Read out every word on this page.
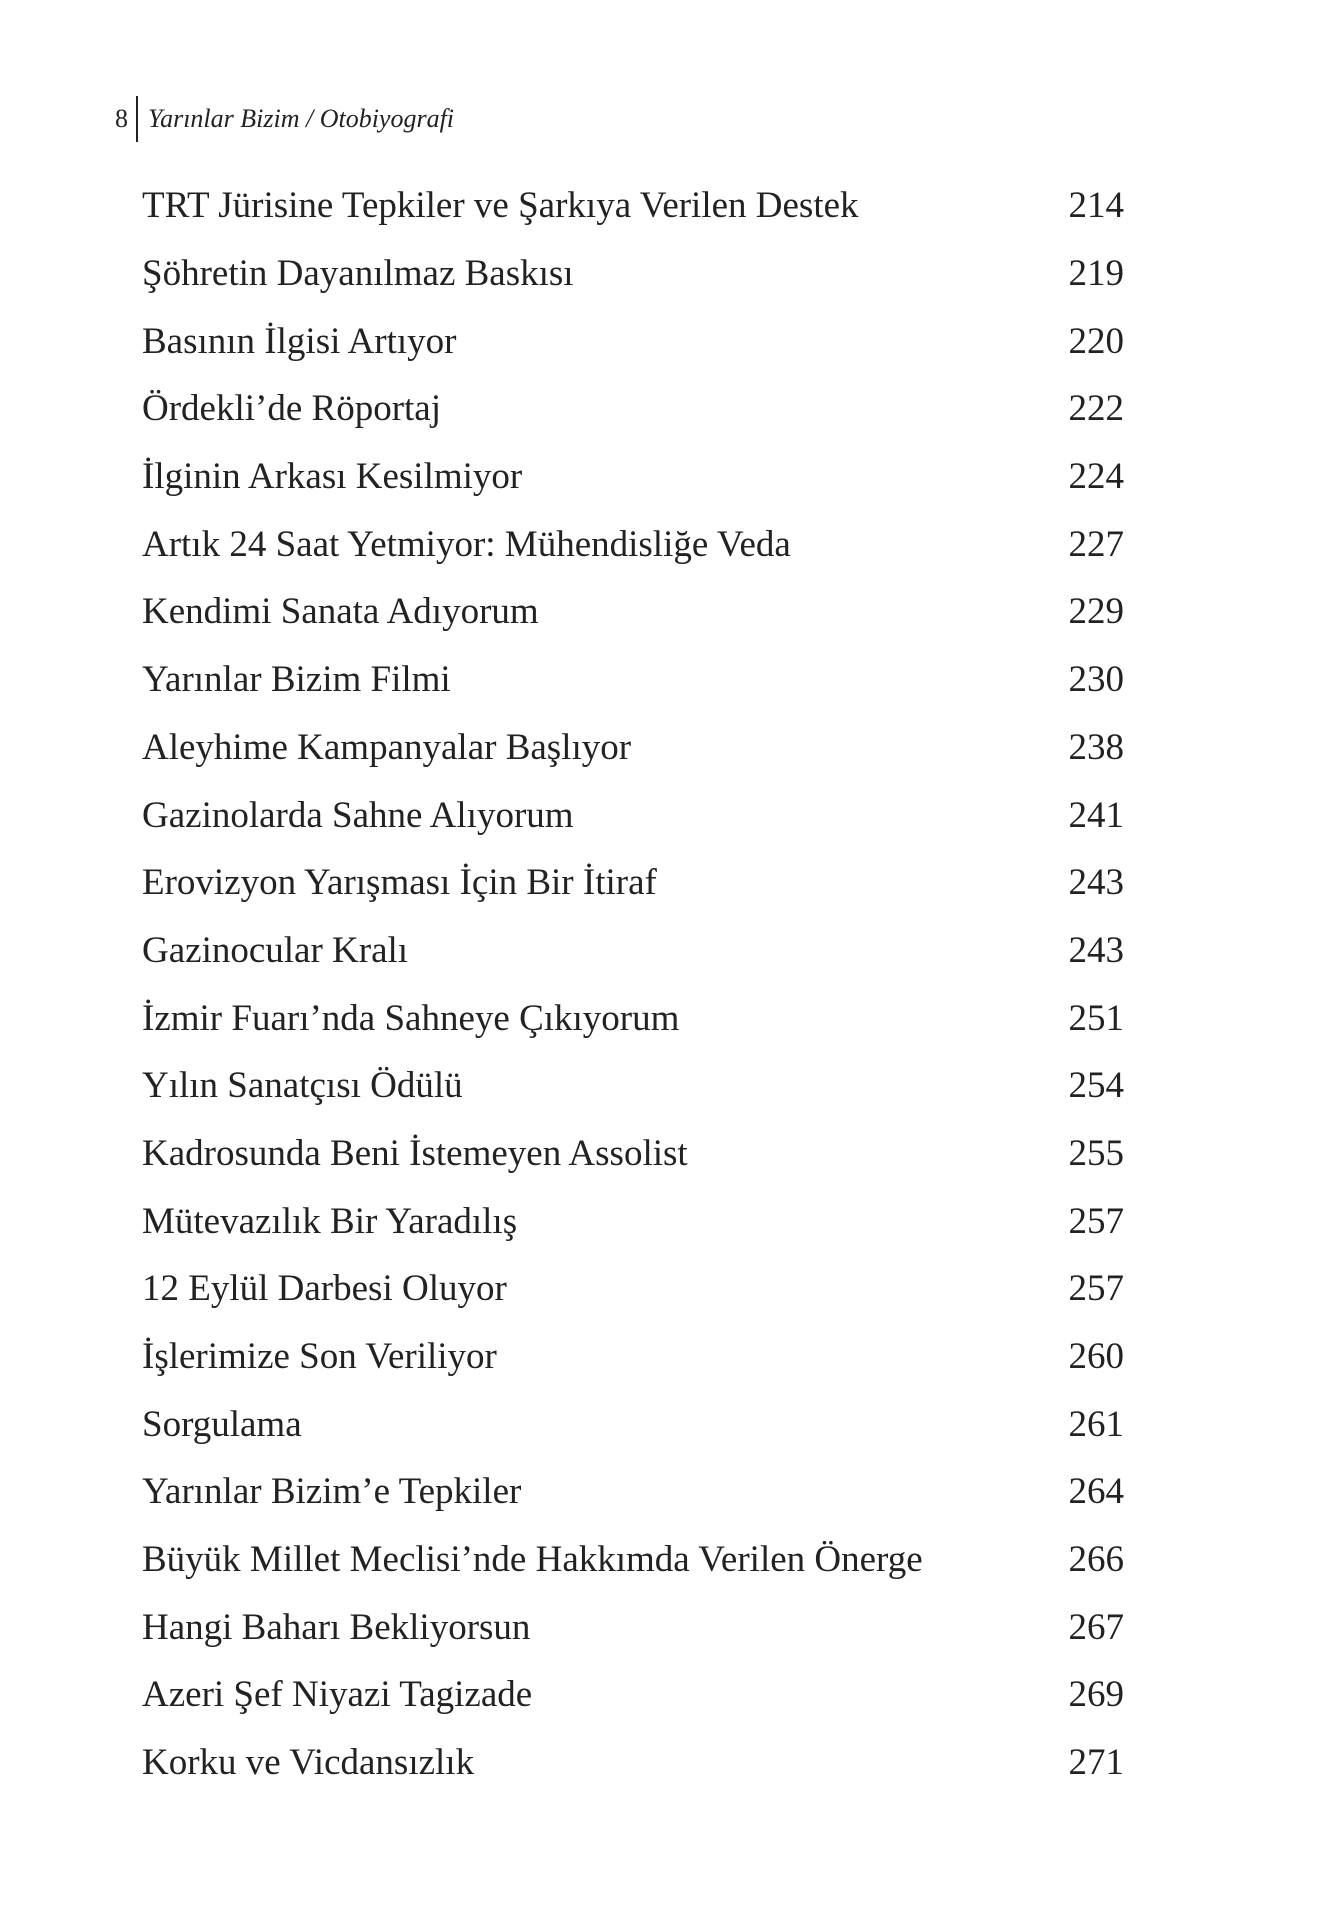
8 Yarınlar Bizim / Otobiyografi
TRT Jürisine Tepkiler ve Şarkıya Verilen Destek	214
Şöhretin Dayanılmaz Baskısı	219
Basının İlgisi Artıyor	220
Ördekli’de Röportaj	222
İlginin Arkası Kesilmiyor	224
Artık 24 Saat Yetmiyor: Mühendisliğe Veda	227
Kendimi Sanata Adıyorum	229
Yarınlar Bizim Filmi	230
Aleyhime Kampanyalar Başlıyor	238
Gazinolarda Sahne Alıyorum	241
Erovizyon Yarışması İçin Bir İtiraf	243
Gazinocular Kralı	243
İzmir Fuarı’nda Sahneye Çıkıyorum	251
Yılın Sanatçısı Ödülü	254
Kadrosunda Beni İstemeyen Assolist	255
Mütevazılık Bir Yaradılış	257
12 Eylül Darbesi Oluyor	257
İşlerimize Son Veriliyor	260
Sorgulama	261
Yarınlar Bizim’e Tepkiler	264
Büyük Millet Meclisi’nde Hakkımda Verilen Önerge	266
Hangi Baharı Bekliyorsun	267
Azeri Şef Niyazi Tagizade	269
Korku ve Vicdansızlık	271
